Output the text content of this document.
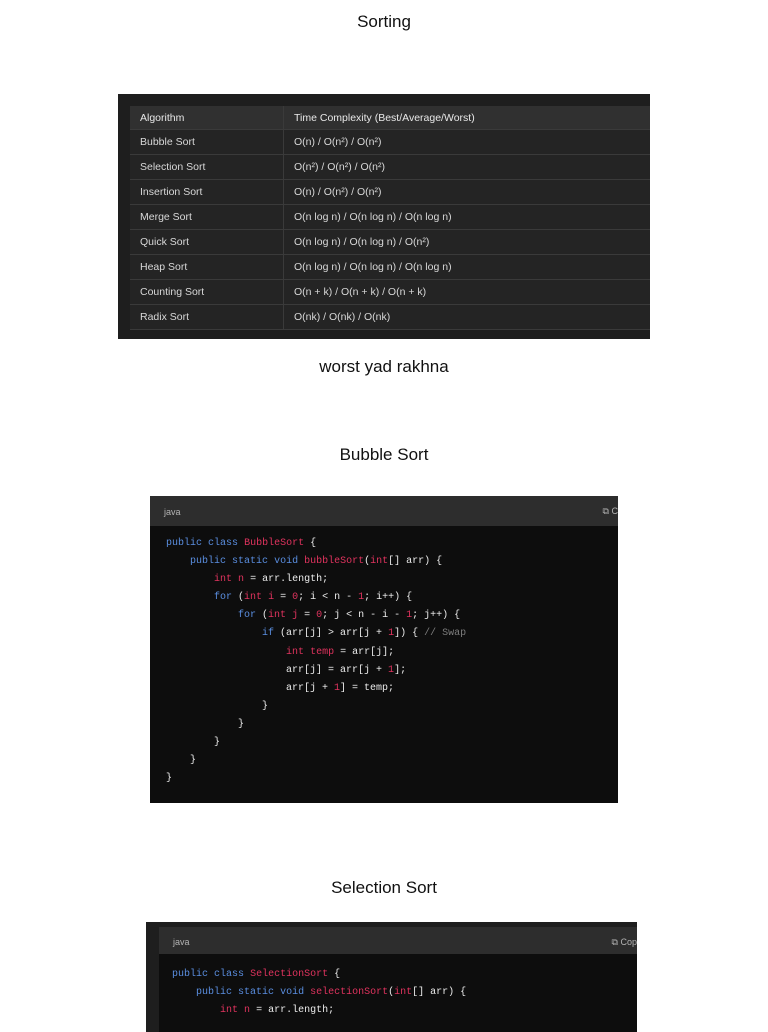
Sorting
Algorithm	Time Complexity (Best/Average/Worst)
Bubble Sort	O(n) / O(n²) / O(n²)
Selection Sort	O(n²) / O(n²) / O(n²)
Insertion Sort	O(n) / O(n²) / O(n²)
Merge Sort	O(n log n) / O(n log n) / O(n log n)
Quick Sort	O(n log n) / O(n log n) / O(n²)
Heap Sort	O(n log n) / O(n log n) / O(n log n)
Counting Sort	O(n + k) / O(n + k) / O(n + k)
Radix Sort	O(nk) / O(nk) / O(nk)
worst yad rakhna
Bubble Sort
java	⧉ C
public class BubbleSort {
public static void bubbleSort(int[] arr) {
int n = arr.length;
for (int i = 0; i < n - 1; i++) {
for (int j = 0; j < n - i - 1; j++) {
if (arr[j] > arr[j + 1]) { // Swap
int temp = arr[j];
arr[j] = arr[j + 1];
arr[j + 1] = temp;
}
}
}
}
}
Selection Sort
java	⧉ Cop
public class SelectionSort {
public static void selectionSort(int[] arr) {
int n = arr.length;
